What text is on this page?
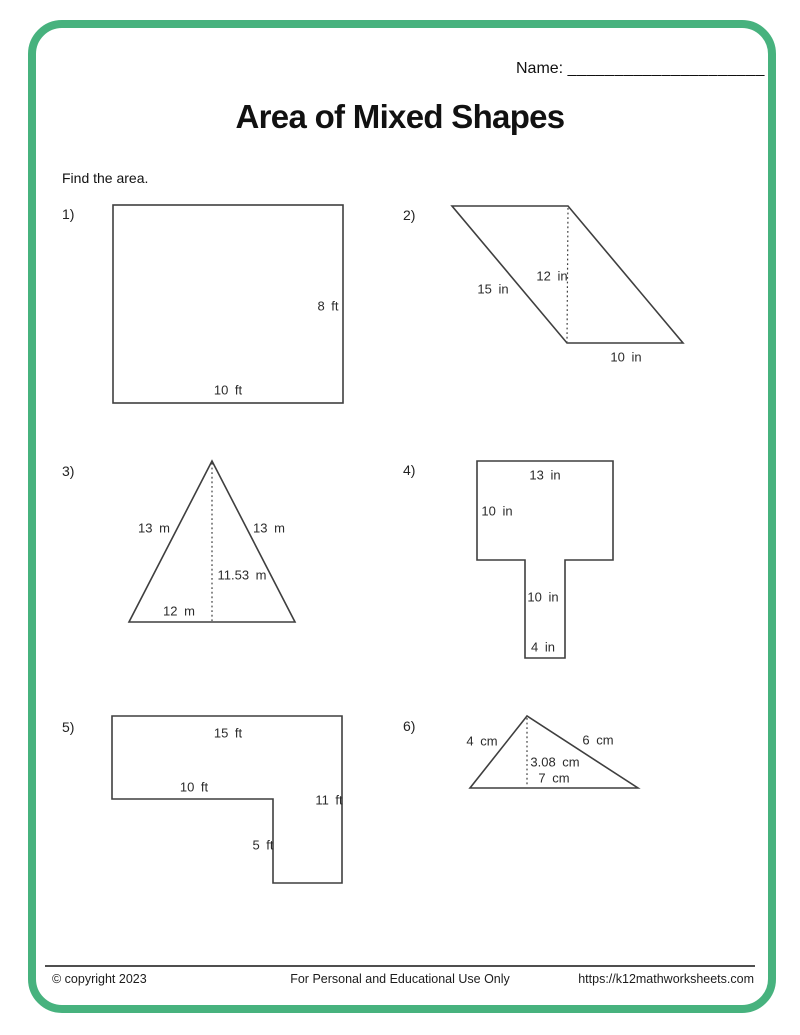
Name: _____________________
Area of Mixed Shapes
Find the area.
1)	2)
3)	4)
5)	6)
8 ft
10 ft
15 in
12 in
10 in
13 m	13 m
11.53 m
12 m
13 in
10 in
10 in
4 in
15 ft
10 ft
11 ft
5 ft
4 cm	6 cm
3.08 cm
7 cm
© copyright 2023	For Personal and Educational Use Only	https://k12mathworksheets.com
